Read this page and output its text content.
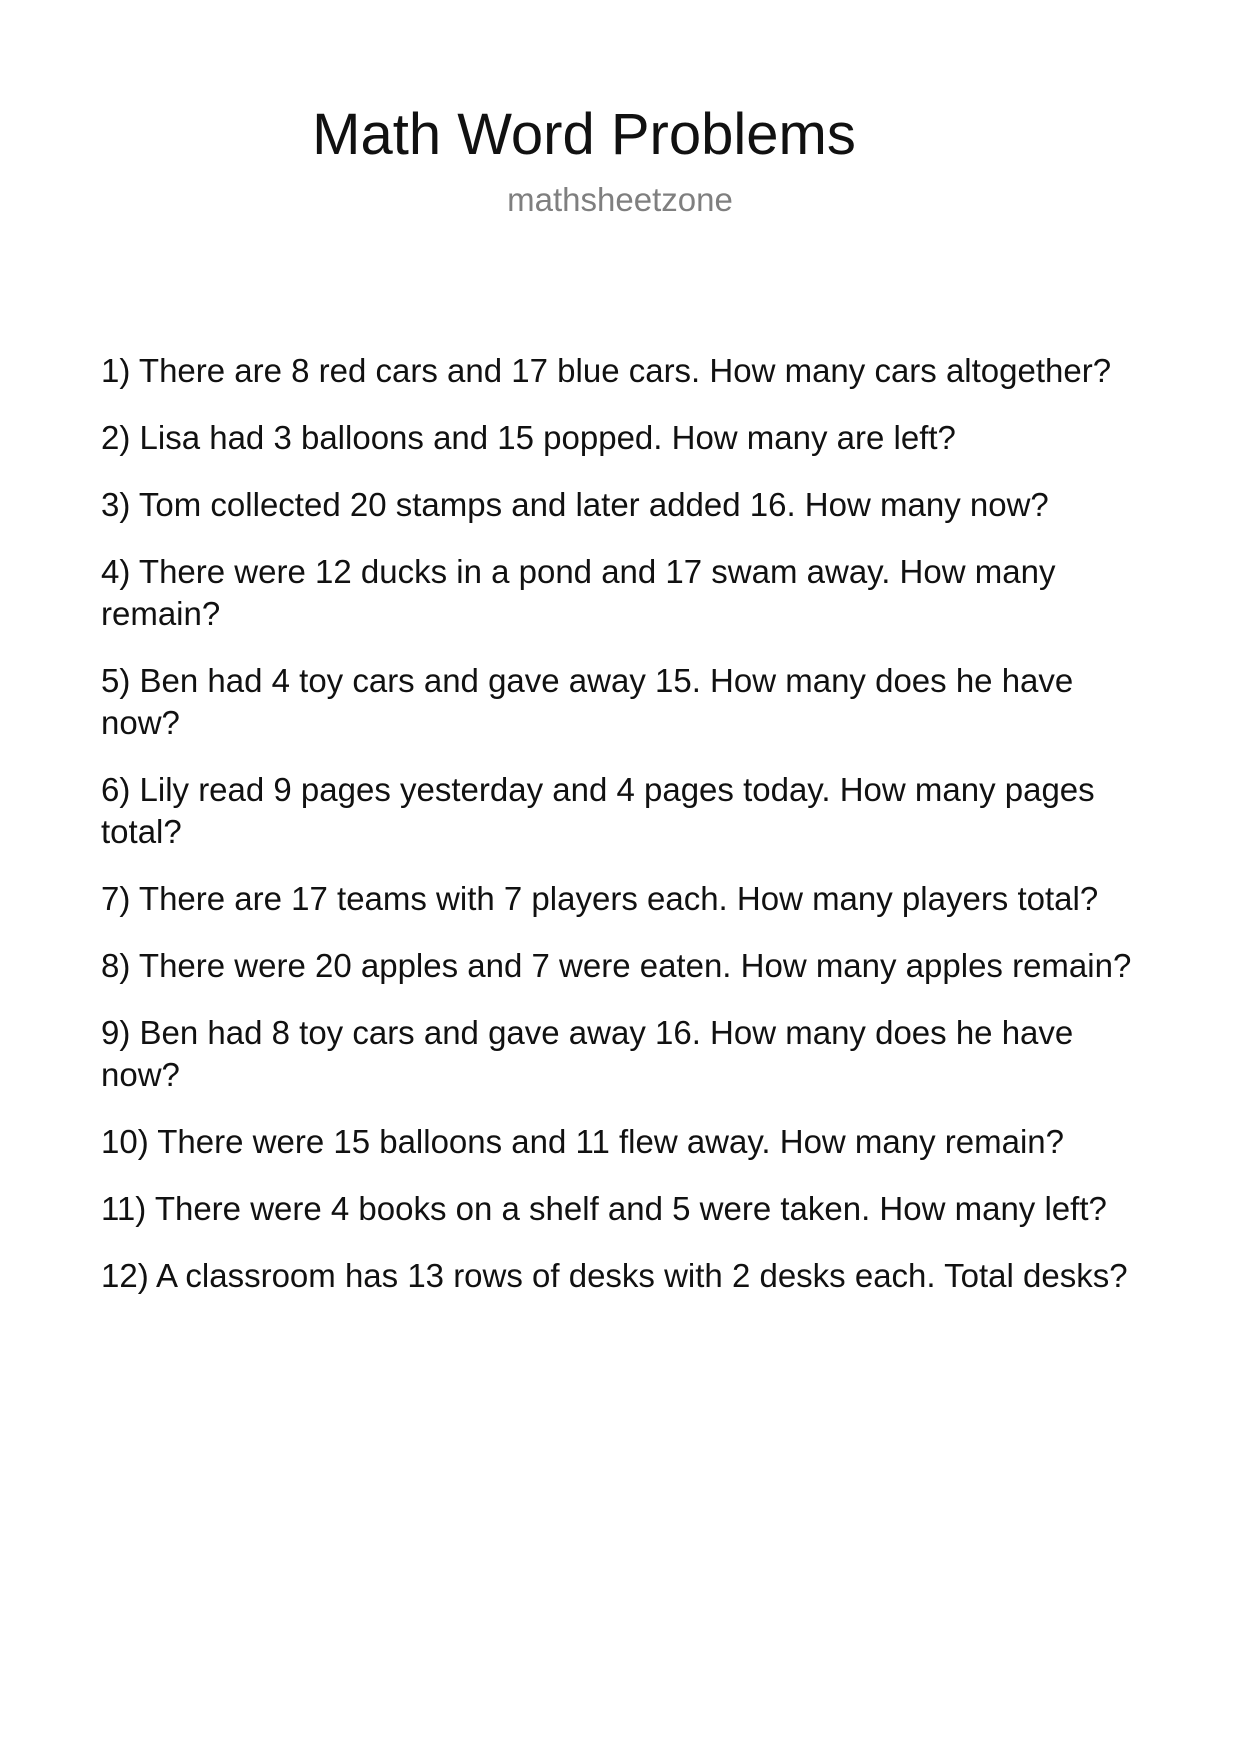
Math Word Problems
mathsheetzone
1) There are 8 red cars and 17 blue cars. How many cars altogether?
2) Lisa had 3 balloons and 15 popped. How many are left?
3) Tom collected 20 stamps and later added 16. How many now?
4) There were 12 ducks in a pond and 17 swam away. How many remain?
5) Ben had 4 toy cars and gave away 15. How many does he have now?
6) Lily read 9 pages yesterday and 4 pages today. How many pages total?
7) There are 17 teams with 7 players each. How many players total?
8) There were 20 apples and 7 were eaten. How many apples remain?
9) Ben had 8 toy cars and gave away 16. How many does he have now?
10) There were 15 balloons and 11 flew away. How many remain?
11) There were 4 books on a shelf and 5 were taken. How many left?
12) A classroom has 13 rows of desks with 2 desks each. Total desks?
